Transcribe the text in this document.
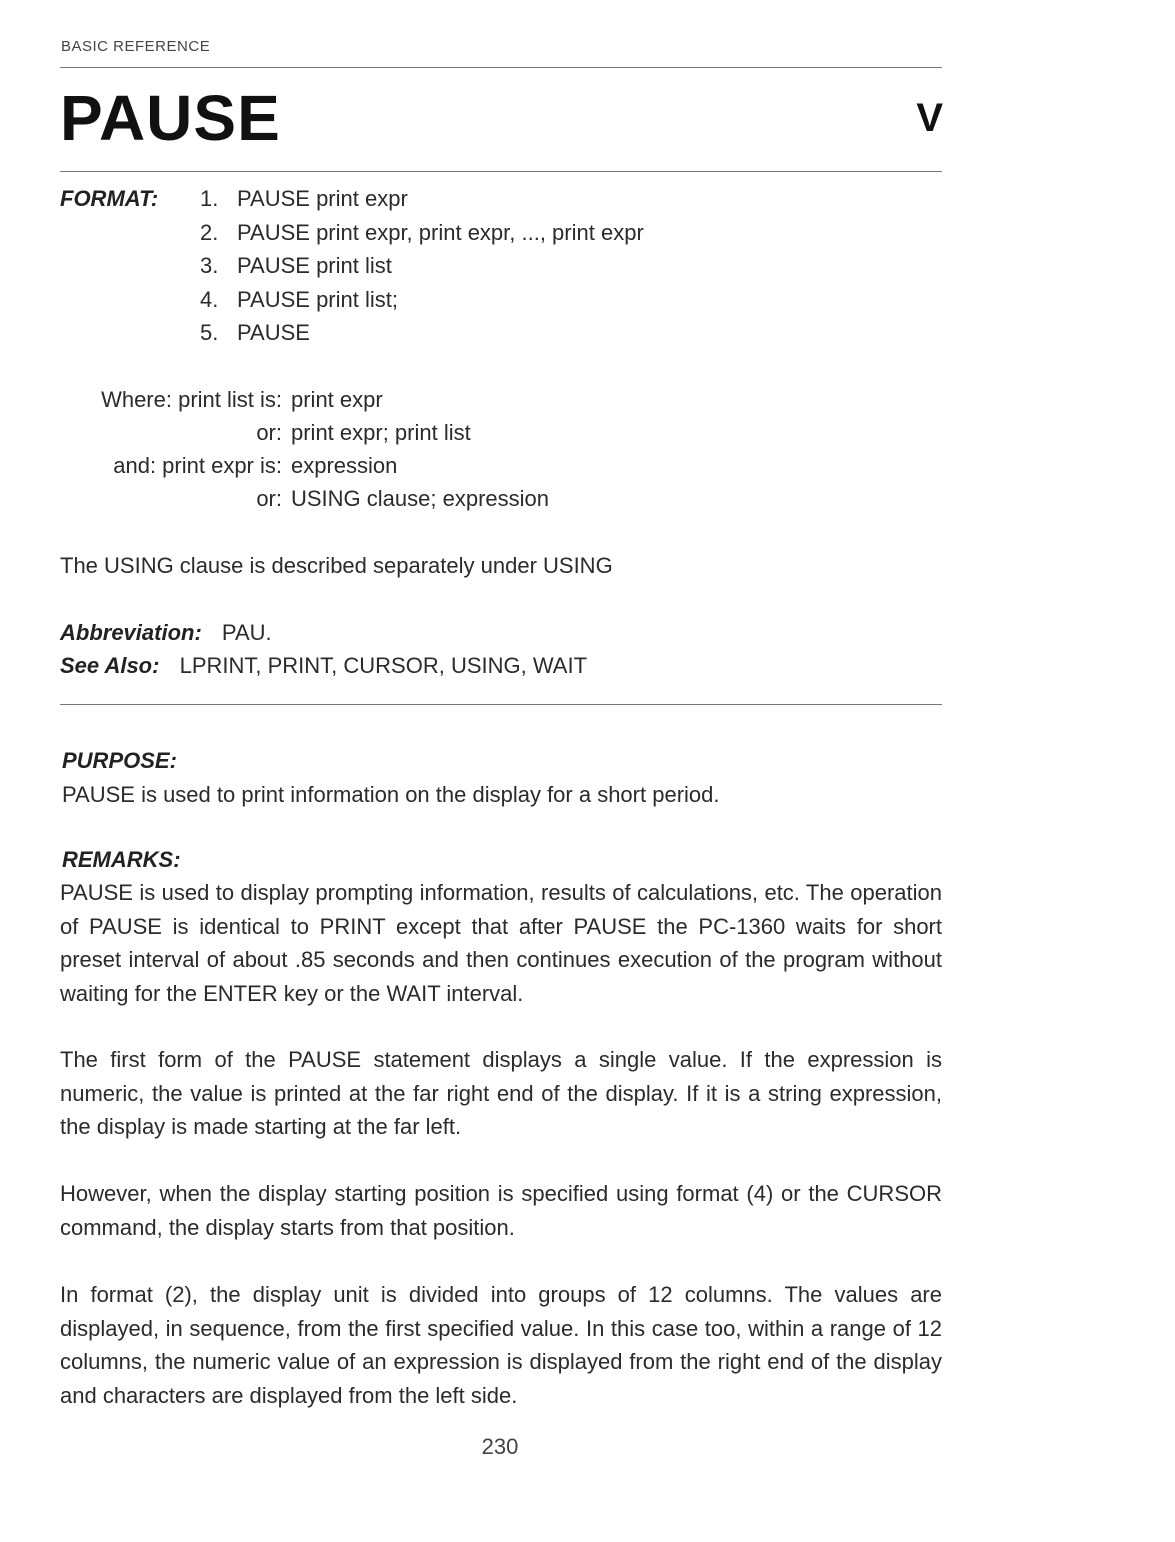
BASIC REFERENCE
PAUSE	V
FORMAT: 1. PAUSE print expr
2. PAUSE print expr, print expr, ..., print expr
3. PAUSE print list
4. PAUSE print list;
5. PAUSE
Where: print list is: print expr
or: print expr; print list
and: print expr is: expression
or: USING clause; expression
The USING clause is described separately under USING
Abbreviation: PAU.
See Also: LPRINT, PRINT, CURSOR, USING, WAIT
PURPOSE:
PAUSE is used to print information on the display for a short period.
REMARKS:
PAUSE is used to display prompting information, results of calculations, etc. The operation of PAUSE is identical to PRINT except that after PAUSE the PC-1360 waits for short preset interval of about .85 seconds and then continues execution of the program without waiting for the ENTER key or the WAIT interval.
The first form of the PAUSE statement displays a single value. If the expression is numeric, the value is printed at the far right end of the display. If it is a string expression, the display is made starting at the far left.
However, when the display starting position is specified using format (4) or the CURSOR command, the display starts from that position.
In format (2), the display unit is divided into groups of 12 columns. The values are displayed, in sequence, from the first specified value. In this case too, within a range of 12 columns, the numeric value of an expression is displayed from the right end of the display and characters are displayed from the left side.
230
